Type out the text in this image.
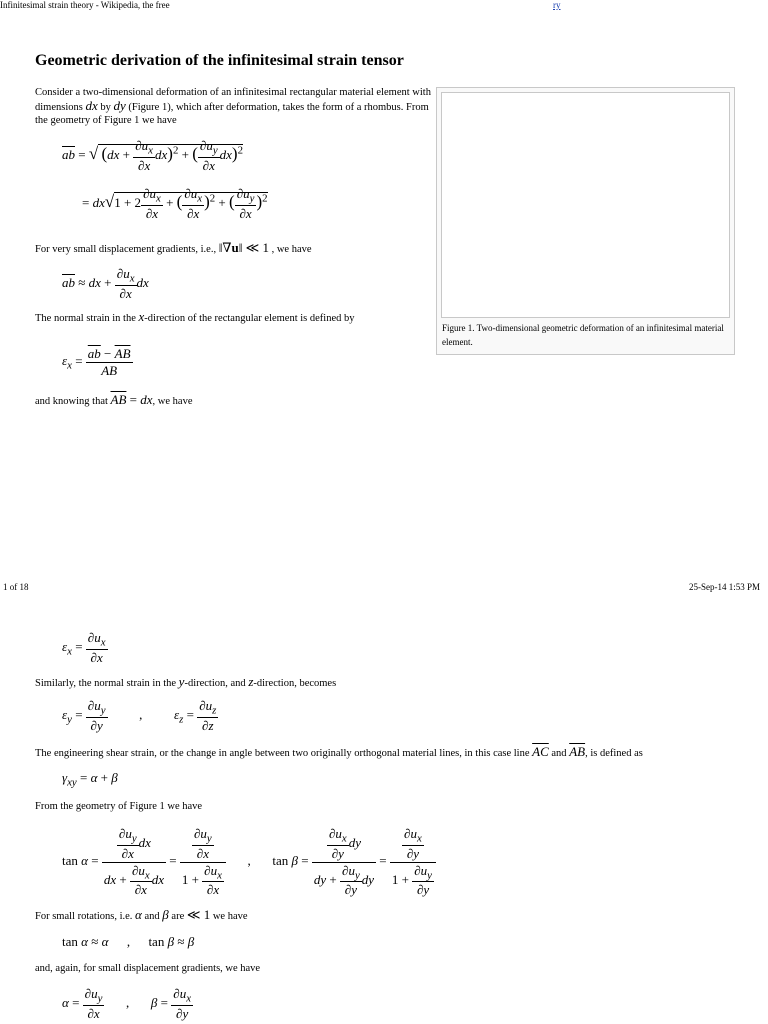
Infinitesimal strain theory - Wikipedia, the free	ry
Geometric derivation of the infinitesimal strain tensor
Consider a two-dimensional deformation of an infinitesimal rectangular material element with dimensions dx by dy (Figure 1), which after deformation, takes the form of a rhombus. From the geometry of Figure 1 we have
$\overline{ab}$ = √ $(dx + \frac{\partial u_x}{\partial x} dx)^2$ + ( $\frac{\partial u_y}{\partial x} dx)^2$
= $dx√1 + 2 \frac{\partial u_x}{\partial x}$ + ( $\frac{\partial u_x}{\partial x} )^2$ + ( $\frac{\partial u_y}{\partial x} )^2$
For very small displacement gradients, i.e., ‖∇u‖ ≪ 1 , we have
$\overline{ab}$ ≈ dx + $\frac{\partial u_x}{\partial x}$ dx
The normal strain in the x-direction of the rectangular element is defined by
$\varepsilon_x = \frac{\overline{ab} - \overline{AB}}{AB}$
and knowing that $\overline{AB}$ = dx, we have
Figure 1. Two-dimensional geometric deformation of an infinitesimal material element.
1 of 18	25-Sep-14 1:53 PM
$\varepsilon_x = \frac{\partial u_x}{\partial x}$
Similarly, the normal strain in the y-direction, and z-direction, becomes
$\varepsilon_y = \frac{\partial u_y}{\partial y}$ , $\varepsilon_z = \frac{\partial u_z}{\partial z}$
The engineering shear strain, or the change in angle between two originally orthogonal material lines, in this case line $\overline{AC}$ and $\overline{AB}$, is defined as
$\gamma_{xy} = \alpha + \beta$
From the geometry of Figure 1 we have
$\tan \alpha = \frac{\frac{\partial u_y}{\partial x} dx}{dx + \frac{\partial u_x}{\partial x} dx} = \frac{\frac{\partial u_y}{\partial x}}{1 + \frac{\partial u_x}{\partial x}}$ , $\tan \beta = \frac{\frac{\partial u_x}{\partial y} dy}{dy + \frac{\partial u_y}{\partial y} dy} = \frac{\frac{\partial u_x}{\partial y}}{1 + \frac{\partial u_y}{\partial y}}$
For small rotations, i.e. α and β are ≪ 1 we have
tan α ≈ α , tan β ≈ β
and, again, for small displacement gradients, we have
$\alpha = \frac{\partial u_y}{\partial x}$ , $\beta = \frac{\partial u_x}{\partial y}$
